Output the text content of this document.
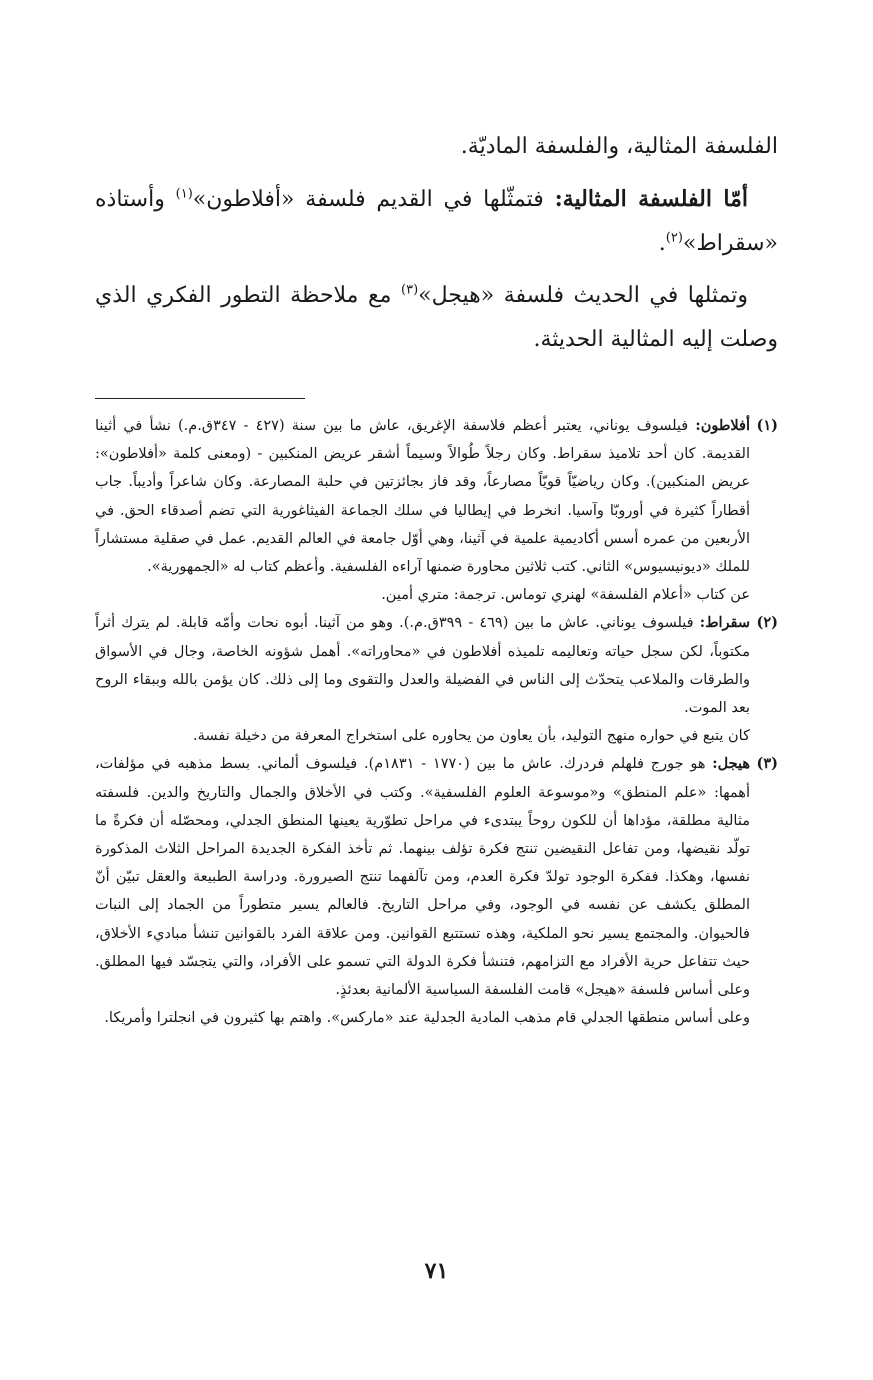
الفلسفة المثالية، والفلسفة الماديّة.

أمّا الفلسفة المثالية: فتمثّلها في القديم فلسفة «أفلاطون»$^{(١)}$ وأستاذه «سقراط»$^{(٢)}$.

وتمثلها في الحديث فلسفة «هيجل»$^{(٣)}$ مع ملاحظة التطور الفكري الذي وصلت إليه المثالية الحديثة.

(١)
أفلاطون: فيلسوف يوناني، يعتبر أعظم فلاسفة الإغريق، عاش ما بين سنة (٤٢٧ - ٣٤٧ق.م.) نشأ في أثينا القديمة. كان أحد تلاميذ سقراط. وكان رجلاً طُوالاً وسيماً أشقر عريض المنكبين - (ومعنى كلمة «أفلاطون»: عريض المنكبين). وكان رياضيّاً قويّاً مصارعاً، وقد فاز بجائزتين في حلبة المصارعة. وكان شاعراً وأديباً. جاب أقطاراً كثيرة في أوروبّا وآسيا. انخرط في إيطاليا في سلك الجماعة الفيثاغورية التي تضم أصدقاء الحق. في الأربعين من عمره أسس أكاديمية علمية في آثينا، وهي أوّل جامعة في العالم القديم. عمل في صقلية مستشاراً للملك «ديونيسيوس» الثاني. كتب ثلاثين محاورة ضمنها آراءه الفلسفية. وأعظم كتاب له «الجمهورية».
عن كتاب «أعلام الفلسفة» لهنري توماس. ترجمة: متري أمين.
(٢)
سقراط: فيلسوف يوناني. عاش ما بين (٤٦٩ - ٣٩٩ق.م.). وهو من آثينا. أبوه نحات وأمّه قابلة. لم يترك أثراً مكتوباً، لكن سجل حياته وتعاليمه تلميذه أفلاطون في «محاوراته». أهمل شؤونه الخاصة، وجال في الأسواق والطرقات والملاعب يتحدّث إلى الناس في الفضيلة والعدل والتقوى وما إلى ذلك. كان يؤمن بالله وببقاء الروح بعد الموت.
كان يتبع في حواره منهج التوليد، بأن يعاون من يحاوره على استخراج المعرفة من دخيلة نفسة.
(٣)
هيجل: هو جورج فلهلم فردرك. عاش ما بين (١٧٧٠ - ١٨٣١م). فيلسوف ألماني. بسط مذهبه في مؤلفات، أهمها: «علم المنطق» و«موسوعة العلوم الفلسفية». وكتب في الأخلاق والجمال والتاريخ والدين. فلسفته مثالية مطلقة، مؤداها أن للكون روحاً يبتدىء في مراحل تطوّرية يعينها المنطق الجدلي، ومحصّله أن فكرةً ما تولّد نقيضها، ومن تفاعل النقيضين تنتج فكرة تؤلف بينهما. ثم تأخذ الفكرة الجديدة المراحل الثلاث المذكورة نفسها، وهكذا. ففكرة الوجود تولدّ فكرة العدم، ومن تآلفهما تنتج الصيرورة. ودراسة الطبيعة والعقل تبيّن أنّ المطلق يكشف عن نفسه في الوجود، وفي مراحل التاريخ. فالعالم يسير متطوراً من الجماد إلى النبات فالحيوان. والمجتمع يسير نحو الملكية، وهذه تستتبع القوانين. ومن علاقة الفرد بالقوانين تنشأ مباديء الأخلاق، حيث تتفاعل حرية الأفراد مع التزامهم، فتنشأ فكرة الدولة التي تسمو على الأفراد، والتي يتجسّد فيها المطلق. وعلى أساس فلسفة «هيجل» قامت الفلسفة السياسية الألمانية بعدئذٍ.
وعلى أساس منطقها الجدلي قام مذهب المادية الجدلية عند «ماركس». واهتم بها كثيرون في انجلترا وأمريكا.
٧١
